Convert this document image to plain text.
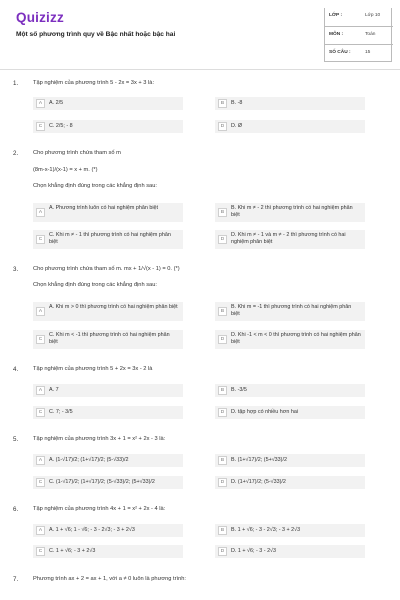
Quizizz
Một số phương trình quy về Bậc nhất hoặc bậc hai
LỚP :	Lớp 10
MÔN :	Toán
SỐ CÂU :	15
1.	Tập nghiệm của phương trình 5 - 2x = 3x + 3 là:
A	A. 2/5	B	B. -8
C	C. 2/5; - 8	D	D. Ø
2.	Cho phương trình chứa tham số m
(8m-x-1)/(x-1) = x + m. (*)
Chọn khẳng định đúng trong các khẳng định sau:
A
A. Phương trình luôn có hai nghiệm phân biệt
B
B. Khi m ≠ - 2 thì phương trình có hai nghiệm phân biệt
C
C. Khi m ≠ - 1 thì phương trình có hai nghiệm phân biệt	D
D. Khi m ≠ - 1 và m ≠ - 2 thì phương trình có hai nghiệm phân biệt
3.	Cho phương trình chứa tham số m. mx + 1/√(x - 1) = 0. (*)
Chọn khẳng định đúng trong các khẳng định sau:
A
A. Khi m > 0 thì phương trình có hai nghiệm phân biệt
B
B. Khi m = -1 thì phương trình có hai nghiệm phân biệt
C
C. Khi m < -1 thì phương trình có hai nghiệm phân biệt	D
D. Khi -1 < m < 0 thì phương trình có hai nghiệm phân biệt
4.	Tập nghiệm của phương trình 5 + 2x = 3x - 2 là
A	A. 7	B	B. -3/5
C	C. 7; - 3/5	D	D. tập hợp có nhiều hơn hai
5.	Tập nghiệm của phương trình 3x + 1 = x² + 2x - 3 là:
A	A. (1-√17)/2; (1+√17)/2; (5-√33)/2	B	B. (1+√17)/2; (5+√33)/2
C	C. (1-√17)/2; (1+√17)/2; (5-√33)/2; (5+√33)/2	D	D. (1+√17)/2; (5-√33)/2
6.	Tập nghiệm của phương trình 4x + 1 = x² + 2x - 4 là:
A	A. 1 + √6; 1 - √6; - 3 - 2√3; - 3 + 2√3	B	B. 1 + √6; - 3 - 2√3; - 3 + 2√3
C	C. 1 + √6; - 3 + 2√3	D	D. 1 + √6; - 3 - 2√3
7.	Phương trình ax + 2 = ax + 1, với a ≠ 0 luôn là phương trình:
